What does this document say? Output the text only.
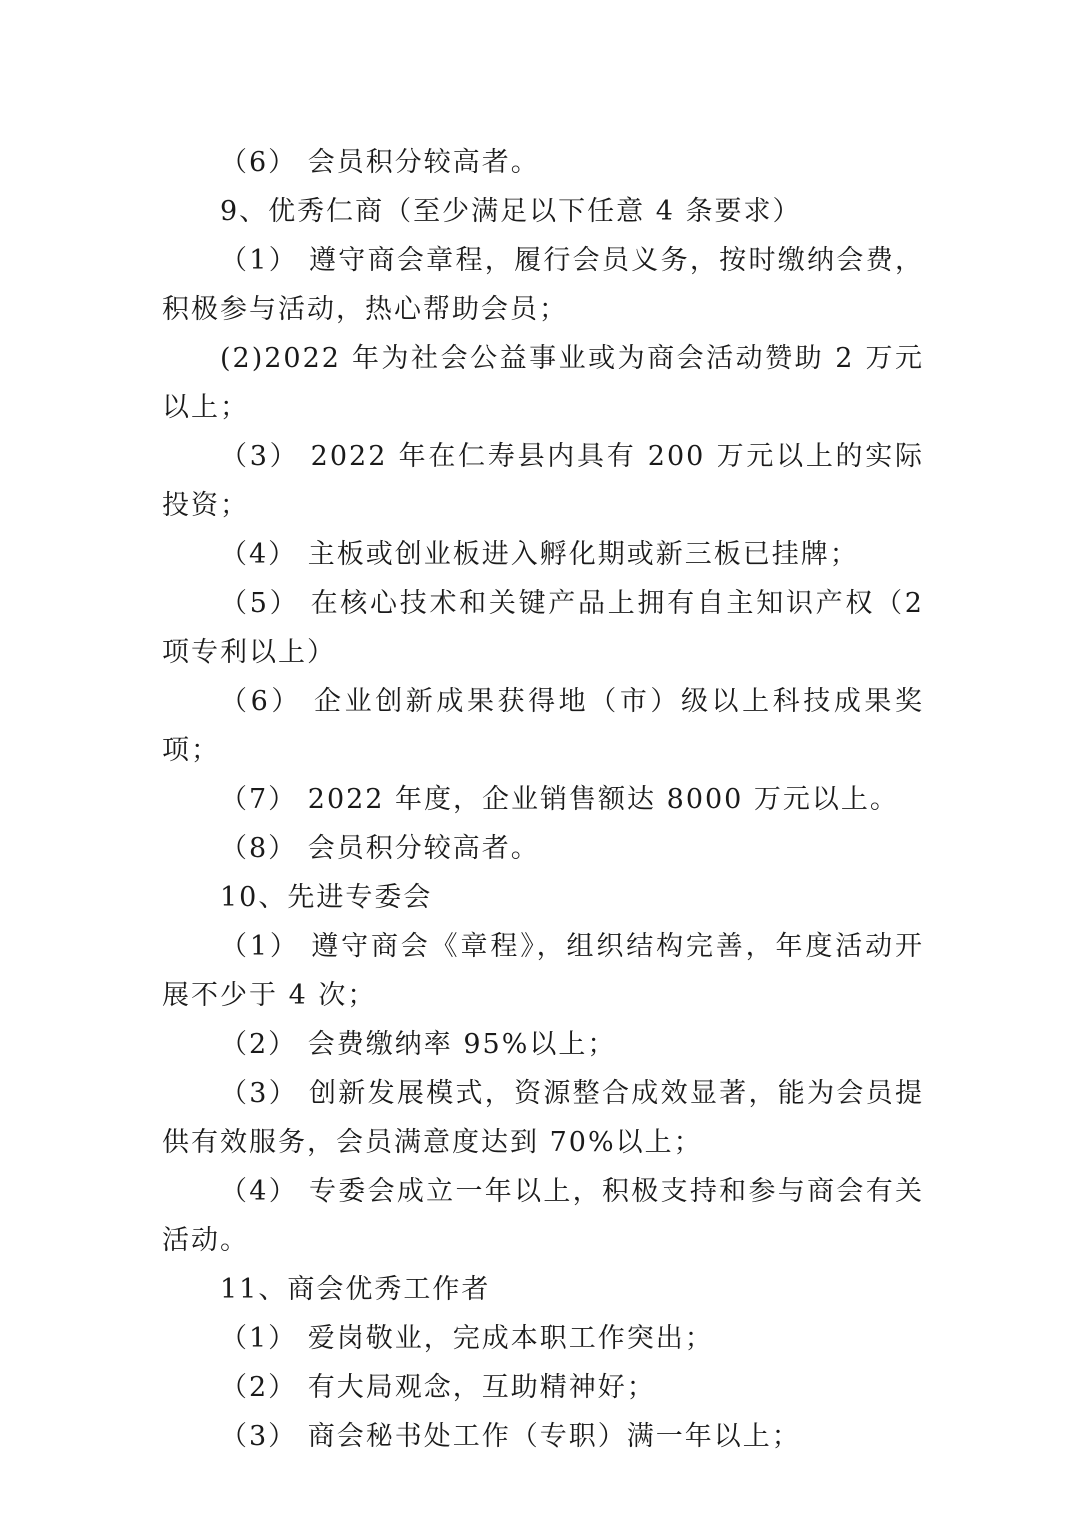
（6） 会员积分较高者。

9、优秀仁商（至少满足以下任意 4 条要求）

（1） 遵守商会章程，履行会员义务，按时缴纳会费，积极参与活动，热心帮助会员；

(2)2022 年为社会公益事业或为商会活动赞助 2 万元以上；

（3） 2022 年在仁寿县内具有 200 万元以上的实际投资；

（4） 主板或创业板进入孵化期或新三板已挂牌；

（5） 在核心技术和关键产品上拥有自主知识产权（2 项专利以上）

（6） 企业创新成果获得地（市）级以上科技成果奖项；

（7） 2022 年度，企业销售额达 8000 万元以上。

（8） 会员积分较高者。

10、先进专委会

（1） 遵守商会《章程》，组织结构完善，年度活动开展不少于 4 次；

（2） 会费缴纳率 95%以上；

（3） 创新发展模式，资源整合成效显著，能为会员提供有效服务，会员满意度达到 70%以上；

（4） 专委会成立一年以上，积极支持和参与商会有关活动。

11、商会优秀工作者

（1） 爱岗敬业，完成本职工作突出；

（2） 有大局观念，互助精神好；

（3） 商会秘书处工作（专职）满一年以上；
